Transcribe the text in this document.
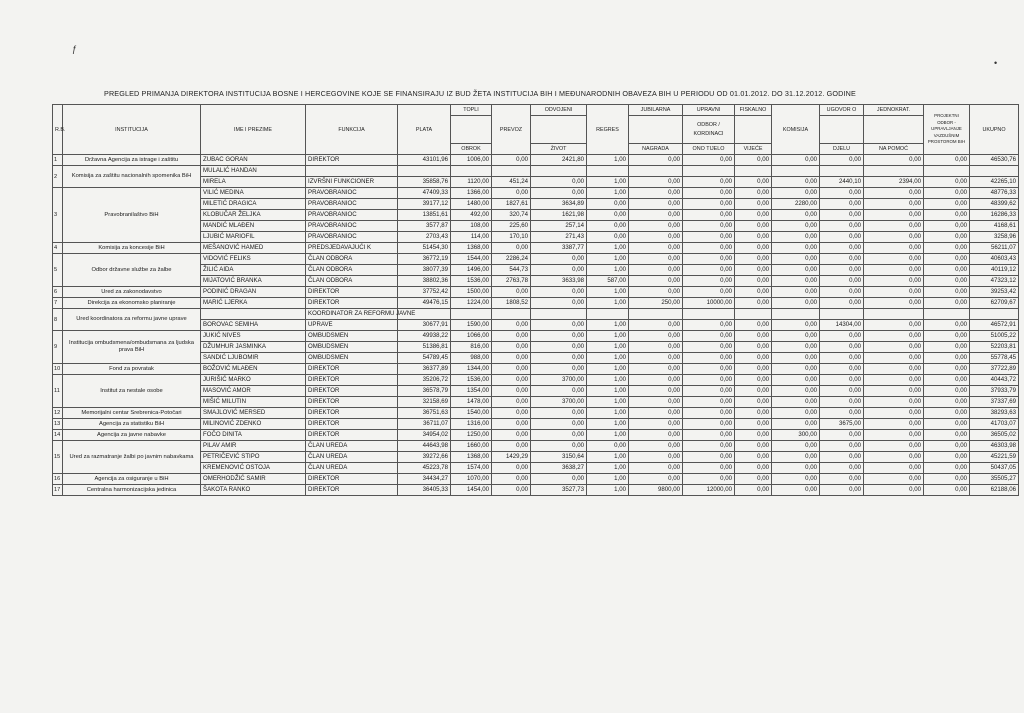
ƒ
•
PREGLED PRIMANJA DIREKTORA INSTITUCIJA BOSNE I HERCEGOVINE KOJE SE FINANSIRAJU IZ BUD ŽETA INSTITUCIJA BIH I MEĐUNARODNIH OBAVEZA BIH U PERIODU OD 01.01.2012. DO 31.12.2012. GODINE
R.B.	INSTITUCIJA	IME I PREZIME	FUNKCIJA	PLATA	TOPLI	PREVOZ	ODVOJENI	REGRES	JUBILARNA	UPRAVNI	FISKALNO	KOMISIJA	UGOVOR O	JEDNOKRAT.	PROJEKTNI ODBOR - UPRAVLJANJE VAZDUŠNIM PROSTOROM BIH	UKUPNO
										ODBOR /
KORDINACI						
					OBROK		ŽIVOT		NAGRADA	ONO TIJELO	VIJEĆE		DJELU	NA POMOĆ		
1	Državna Agencija za istrage i zaštitu	ZUBAC GORAN	DIREKTOR	43101,96	1006,00	0,00	2421,80	1,00	0,00	0,00	0,00	0,00	0,00	0,00	0,00	46530,76
2	Komisija za zaštitu nacionalnih spomenika BiH	MULALIĆ HANDAN														
		MIRELA	IZVRŠNI FUNKCIONER	35858,76	1120,00	451,24	0,00	1,00	0,00	0,00	0,00	0,00	2440,10	2394,00	0,00	42265,10
3	Pravobranilaštvo BiH	VILIĆ MEDINA	PRAVOBRANIOC	47409,33	1366,00	0,00	0,00	1,00	0,00	0,00	0,00	0,00	0,00	0,00	0,00	48776,33
		MILETIĆ DRAGICA	PRAVOBRANIOC	39177,12	1480,00	1827,61	3634,89	0,00	0,00	0,00	0,00	2280,00	0,00	0,00	0,00	48399,62
		KLOBUČAR ŽELJKA	PRAVOBRANIOC	13851,61	492,00	320,74	1621,98	0,00	0,00	0,00	0,00	0,00	0,00	0,00	0,00	16286,33
		MANDIĆ MLAĐEN	PRAVOBRANIOC	3577,87	108,00	225,60	257,14	0,00	0,00	0,00	0,00	0,00	0,00	0,00	0,00	4168,61
		LJUBIĆ MARIOFIL	PRAVOBRANIOC	2703,43	114,00	170,10	271,43	0,00	0,00	0,00	0,00	0,00	0,00	0,00	0,00	3258,96
4	Komisija za koncesije BiH	MEŠANOVIĆ HAMED	PREDSJEDAVAJUĆI K	51454,30	1368,00	0,00	3387,77	1,00	0,00	0,00	0,00	0,00	0,00	0,00	0,00	56211,07
5	Odbor državne službe za žalbe	VIDOVIĆ FELIKS	ČLAN ODBORA	36772,19	1544,00	2286,24	0,00	1,00	0,00	0,00	0,00	0,00	0,00	0,00	0,00	40603,43
		ŽILIĆ AIDA	ČLAN ODBORA	38077,39	1496,00	544,73	0,00	1,00	0,00	0,00	0,00	0,00	0,00	0,00	0,00	40119,12
		MIJATOVIĆ BRANKA	ČLAN ODBORA	38802,36	1536,00	2763,78	3633,98	587,00	0,00	0,00	0,00	0,00	0,00	0,00	0,00	47323,12
6	Ured za zakonodavstvo	PODINIĆ DRAGAN	DIREKTOR	37752,42	1500,00	0,00	0,00	1,00	0,00	0,00	0,00	0,00	0,00	0,00	0,00	39253,42
7	Direkcija za ekonomsko planiranje	MARIĆ LJERKA	DIREKTOR	49476,15	1224,00	1808,52	0,00	1,00	250,00	10000,00	0,00	0,00	0,00	0,00	0,00	62709,67
8	Ured koordinatora za reformu javne uprave		KOORDINATOR ZA REFORMU JAVNE													
		BOROVAC SEMIHA	UPRAVE	30677,91	1590,00	0,00	0,00	1,00	0,00	0,00	0,00	0,00	14304,00	0,00	0,00	46572,91
9	Institucija ombudsmena/ombudsmana za ljudska prava BiH	JUKIĆ NIVES	OMBUDSMEN	49938,22	1066,00	0,00	0,00	1,00	0,00	0,00	0,00	0,00	0,00	0,00	0,00	51005,22
		DŽUMHUR JASMINKA	OMBUDSMEN	51386,81	816,00	0,00	0,00	1,00	0,00	0,00	0,00	0,00	0,00	0,00	0,00	52203,81
		SANDIĆ LJUBOMIR	OMBUDSMEN	54789,45	988,00	0,00	0,00	1,00	0,00	0,00	0,00	0,00	0,00	0,00	0,00	55778,45
10	Fond za povratak	BOŽOVIĆ MLAĐEN	DIREKTOR	36377,89	1344,00	0,00	0,00	1,00	0,00	0,00	0,00	0,00	0,00	0,00	0,00	37722,89
11	Institut za nestale osobe	JURIŠIĆ MARKO	DIREKTOR	35206,72	1536,00	0,00	3700,00	1,00	0,00	0,00	0,00	0,00	0,00	0,00	0,00	40443,72
		MASOVIĆ AMOR	DIREKTOR	36578,79	1354,00	0,00	0,00	1,00	0,00	0,00	0,00	0,00	0,00	0,00	0,00	37933,79
		MIŠIĆ MILUTIN	DIREKTOR	32158,69	1478,00	0,00	3700,00	1,00	0,00	0,00	0,00	0,00	0,00	0,00	0,00	37337,69
12	Memorijalni centar Srebrenica-Potočari	SMAJLOVIĆ MERSED	DIREKTOR	36751,63	1540,00	0,00	0,00	1,00	0,00	0,00	0,00	0,00	0,00	0,00	0,00	38293,63
13	Agencija za statistiku BiH	MILINOVIĆ ZDENKO	DIREKTOR	36711,07	1316,00	0,00	0,00	1,00	0,00	0,00	0,00	0,00	3675,00	0,00	0,00	41703,07
14	Agencija za javne nabavke	FOČO DINITA	DIREKTOR	34954,02	1250,00	0,00	0,00	1,00	0,00	0,00	0,00	300,00	0,00	0,00	0,00	36505,02
15	Ured za razmatranje žalbi po javnim nabavkama	PILAV AMIR	ČLAN UREDA	44643,98	1660,00	0,00	0,00	0,00	0,00	0,00	0,00	0,00	0,00	0,00	0,00	46303,98
		PETRIČEVIĆ STIPO	ČLAN UREDA	39272,66	1368,00	1429,29	3150,64	1,00	0,00	0,00	0,00	0,00	0,00	0,00	0,00	45221,59
		KREMENOVIĆ OSTOJA	ČLAN UREDA	45223,78	1574,00	0,00	3638,27	1,00	0,00	0,00	0,00	0,00	0,00	0,00	0,00	50437,05
16	Agencija za osiguranje u BiH	OMERHODŽIĆ SAMIR	DIREKTOR	34434,27	1070,00	0,00	0,00	1,00	0,00	0,00	0,00	0,00	0,00	0,00	0,00	35505,27
17	Centralna harmonizacijska jedinica	ŠAKOTA RANKO	DIREKTOR	36405,33	1454,00	0,00	3527,73	1,00	9800,00	12000,00	0,00	0,00	0,00	0,00	0,00	62188,06
